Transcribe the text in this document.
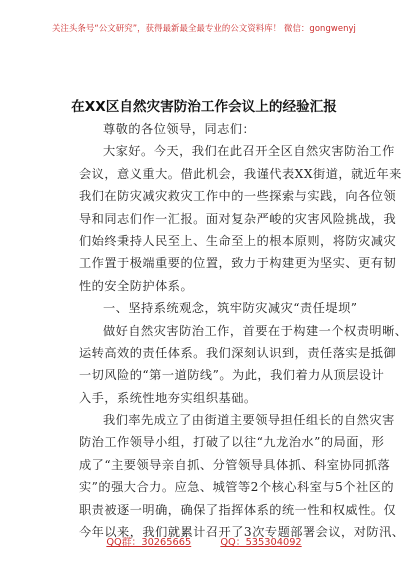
关注头条号“公文研究”，获得最新最全最专业的公文资料库！ 微信：gongwenyj
在XX区自然灾害防治工作会议上的经验汇报
尊敬的各位领导，同志们：
大家好。今天，我们在此召开全区自然灾害防治工作
会议，意义重大。借此机会，我谨代表XX街道，就近年来
我们在防灾减灾救灾工作中的一些探索与实践，向各位领
导和同志们作一汇报。面对复杂严峻的灾害风险挑战，我
们始终秉持人民至上、生命至上的根本原则，将防灾减灾
工作置于极端重要的位置，致力于构建更为坚实、更有韧
性的安全防护体系。
一、坚持系统观念，筑牢防灾减灾“责任堤坝”
做好自然灾害防治工作，首要在于构建一个权责明晰、
运转高效的责任体系。我们深刻认识到，责任落实是抵御
一切风险的“第一道防线”。为此，我们着力从顶层设计
入手，系统性地夯实组织基础。
我们率先成立了由街道主要领导担任组长的自然灾害
防治工作领导小组，打破了以往“九龙治水”的局面，形
成了“主要领导亲自抓、分管领导具体抓、科室协同抓落
实”的强大合力。应急、城管等2个核心科室与5个社区的
职责被逐一明确，确保了指挥体系的统一性和权威性。仅
今年以来，我们就累计召开了3次专题部署会议，对防汛、
QQ群：30265665	QQ：535304092
